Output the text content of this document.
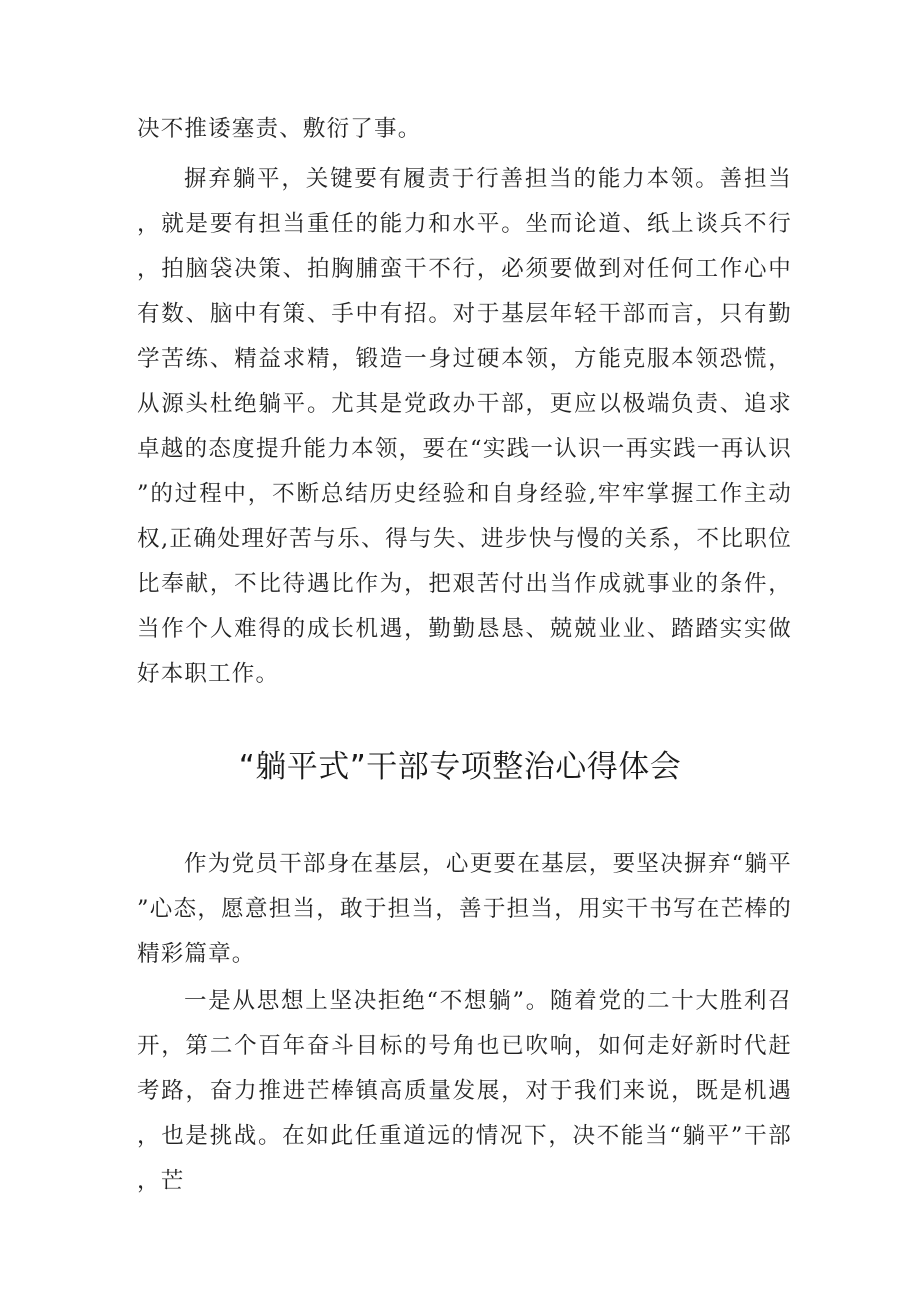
决不推诿塞责、敷衍了事。

摒弃躺平，关键要有履责于行善担当的能力本领。善担当，就是要有担当重任的能力和水平。坐而论道、纸上谈兵不行，拍脑袋决策、拍胸脯蛮干不行，必须要做到对任何工作心中有数、脑中有策、手中有招。对于基层年轻干部而言，只有勤学苦练、精益求精，锻造一身过硬本领，方能克服本领恐慌，从源头杜绝躺平。尤其是党政办干部，更应以极端负责、追求卓越的态度提升能力本领，要在“实践一认识一再实践一再认识”的过程中，不断总结历史经验和自身经验,牢牢掌握工作主动权,正确处理好苦与乐、得与失、进步快与慢的关系，不比职位比奉献，不比待遇比作为，把艰苦付出当作成就事业的条件，当作个人难得的成长机遇，勤勤恳恳、兢兢业业、踏踏实实做好本职工作。

“躺平式”干部专项整治心得体会

作为党员干部身在基层，心更要在基层，要坚决摒弃“躺平”心态，愿意担当，敢于担当，善于担当，用实干书写在芒棒的精彩篇章。

一是从思想上坚决拒绝“不想躺”。随着党的二十大胜利召开，第二个百年奋斗目标的号角也已吹响，如何走好新时代赶考路，奋力推进芒棒镇高质量发展，对于我们来说，既是机遇，也是挑战。在如此任重道远的情况下，决不能当“躺平”干部，芒
